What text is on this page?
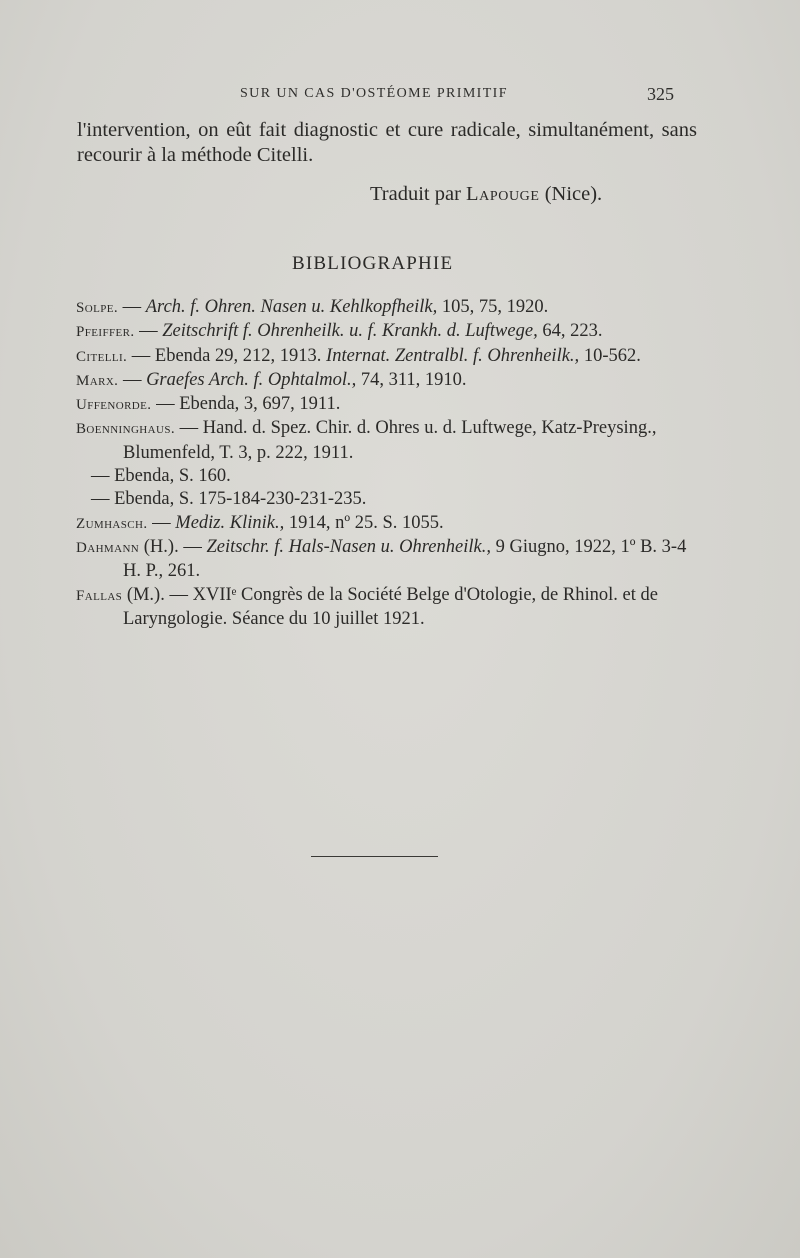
SUR UN CAS D'OSTÉOME PRIMITIF	325

l'intervention, on eût fait diagnostic et cure radicale, simultanément, sans recourir à la méthode Citelli.

Traduit par Lapouge (Nice).
BIBLIOGRAPHIE
Solpe. — Arch. f. Ohren. Nasen u. Kehlkopfheilk, 105, 75, 1920.
Pfeiffer. — Zeitschrift f. Ohrenheilk. u. f. Krankh. d. Luftwege, 64, 223.
Citelli. — Ebenda 29, 212, 1913. Internat. Zentralbl. f. Ohrenheilk., 10-562.
Marx. — Graefes Arch. f. Ophtalmol., 74, 311, 1910.
Uffenorde. — Ebenda, 3, 697, 1911.
Boenninghaus. — Hand. d. Spez. Chir. d. Ohres u. d. Luftwege, Katz-Preysing., Blumenfeld, T. 3, p. 222, 1911.
— Ebenda, S. 160.
— Ebenda, S. 175-184-230-231-235.
Zumhasch. — Mediz. Klinik., 1914, nº 25. S. 1055.
Dahmann (H.). — Zeitschr. f. Hals-Nasen u. Ohrenheilk., 9 Giugno, 1922, 1º B. 3-4 H. P., 261.
Fallas (M.). — XVIIᵉ Congrès de la Société Belge d'Otologie, de Rhinol. et de Laryngologie. Séance du 10 juillet 1921.
